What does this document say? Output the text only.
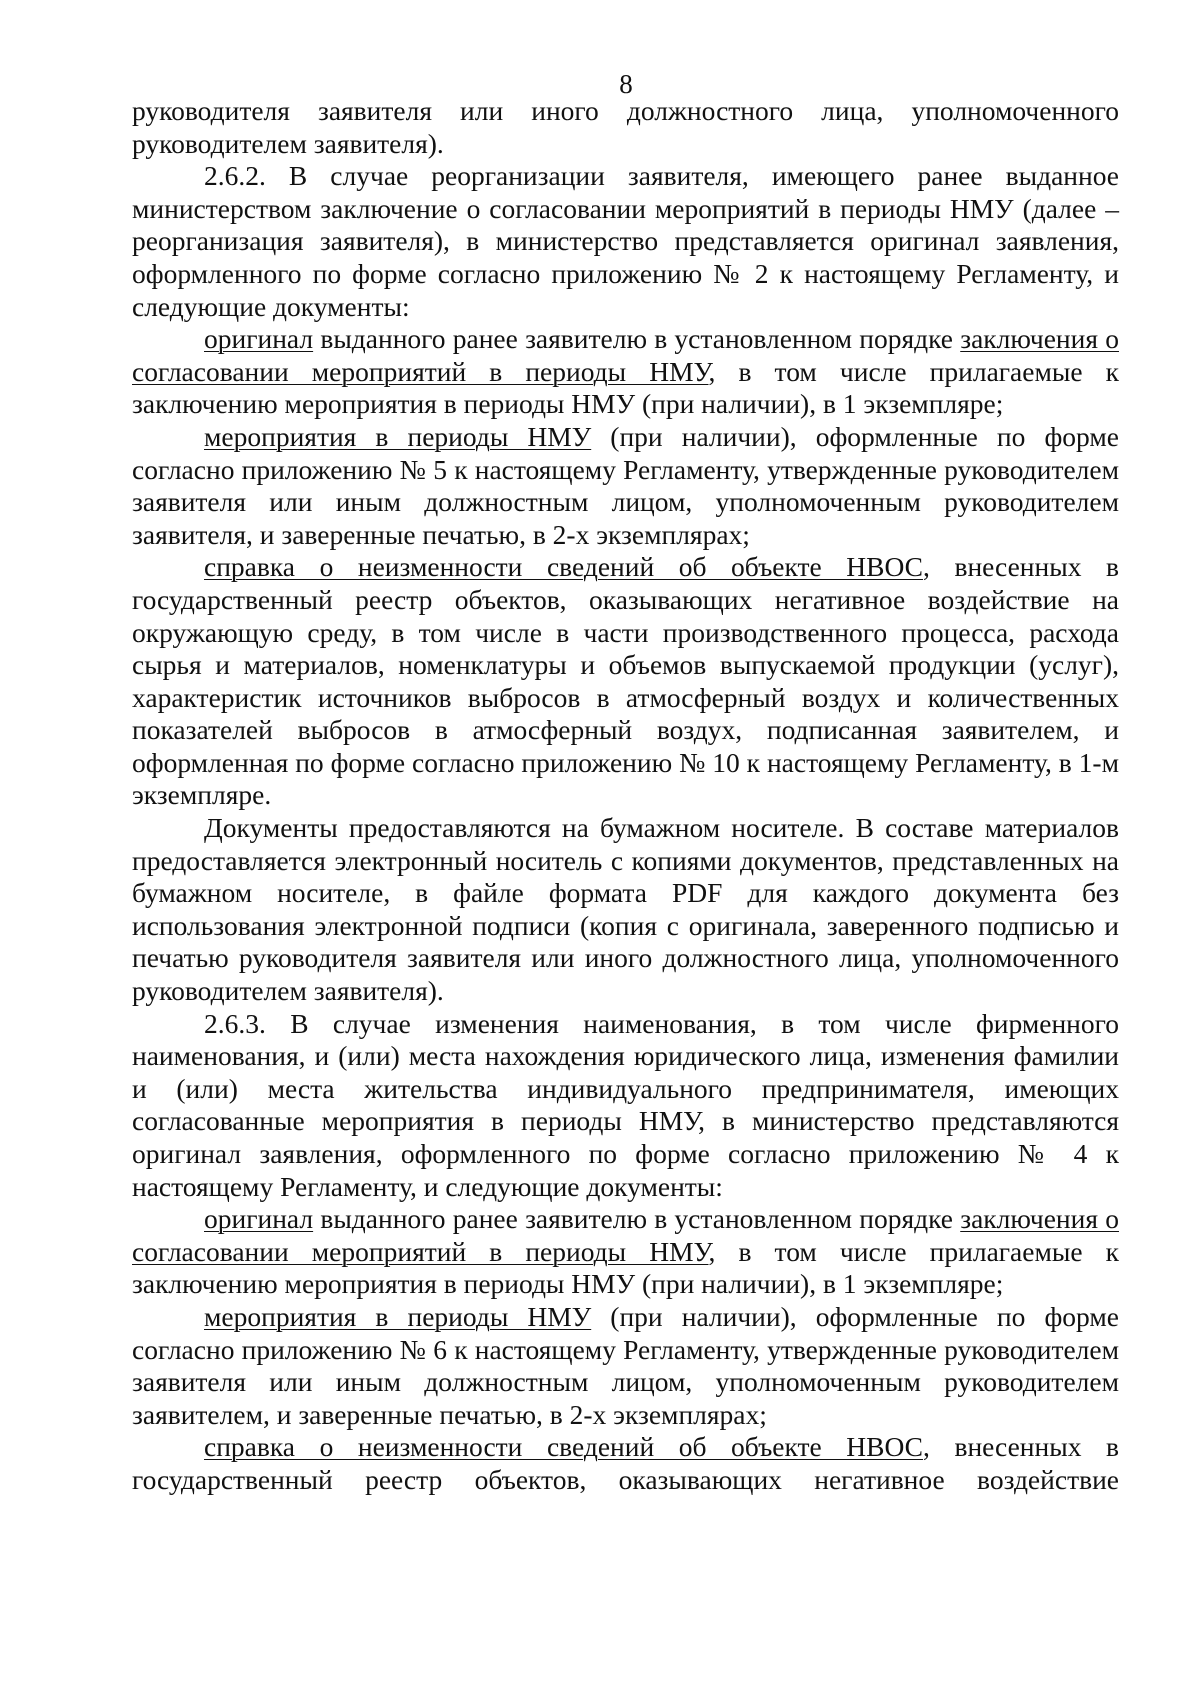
8

руководителя заявителя или иного должностного лица, уполномоченного руководителем заявителя).

2.6.2. В случае реорганизации заявителя, имеющего ранее выданное министерством заключение о согласовании мероприятий в периоды НМУ (далее – реорганизация заявителя), в министерство представляется оригинал заявления, оформленного по форме согласно приложению № 2 к настоящему Регламенту, и следующие документы:

оригинал выданного ранее заявителю в установленном порядке заключения о согласовании мероприятий в периоды НМУ, в том числе прилагаемые к заключению мероприятия в периоды НМУ (при наличии), в 1 экземпляре;

мероприятия в периоды НМУ (при наличии), оформленные по форме согласно приложению № 5 к настоящему Регламенту, утвержденные руководителем заявителя или иным должностным лицом, уполномоченным руководителем заявителя, и заверенные печатью, в 2-х экземплярах;

справка о неизменности сведений об объекте НВОС, внесенных в государственный реестр объектов, оказывающих негативное воздействие на окружающую среду, в том числе в части производственного процесса, расхода сырья и материалов, номенклатуры и объемов выпускаемой продукции (услуг), характеристик источников выбросов в атмосферный воздух и количественных показателей выбросов в атмосферный воздух, подписанная заявителем, и оформленная по форме согласно приложению № 10 к настоящему Регламенту, в 1-м экземпляре.

Документы предоставляются на бумажном носителе. В составе материалов предоставляется электронный носитель с копиями документов, представленных на бумажном носителе, в файле формата PDF для каждого документа без использования электронной подписи (копия с оригинала, заверенного подписью и печатью руководителя заявителя или иного должностного лица, уполномоченного руководителем заявителя).

2.6.3. В случае изменения наименования, в том числе фирменного наименования, и (или) места нахождения юридического лица, изменения фамилии и (или) места жительства индивидуального предпринимателя, имеющих согласованные мероприятия в периоды НМУ, в министерство представляются оригинал заявления, оформленного по форме согласно приложению № 4 к настоящему Регламенту, и следующие документы:

оригинал выданного ранее заявителю в установленном порядке заключения о согласовании мероприятий в периоды НМУ, в том числе прилагаемые к заключению мероприятия в периоды НМУ (при наличии), в 1 экземпляре;

мероприятия в периоды НМУ (при наличии), оформленные по форме согласно приложению № 6 к настоящему Регламенту, утвержденные руководителем заявителя или иным должностным лицом, уполномоченным руководителем заявителем, и заверенные печатью, в 2-х экземплярах;

справка о неизменности сведений об объекте НВОС, внесенных в государственный реестр объектов, оказывающих негативное воздействие
